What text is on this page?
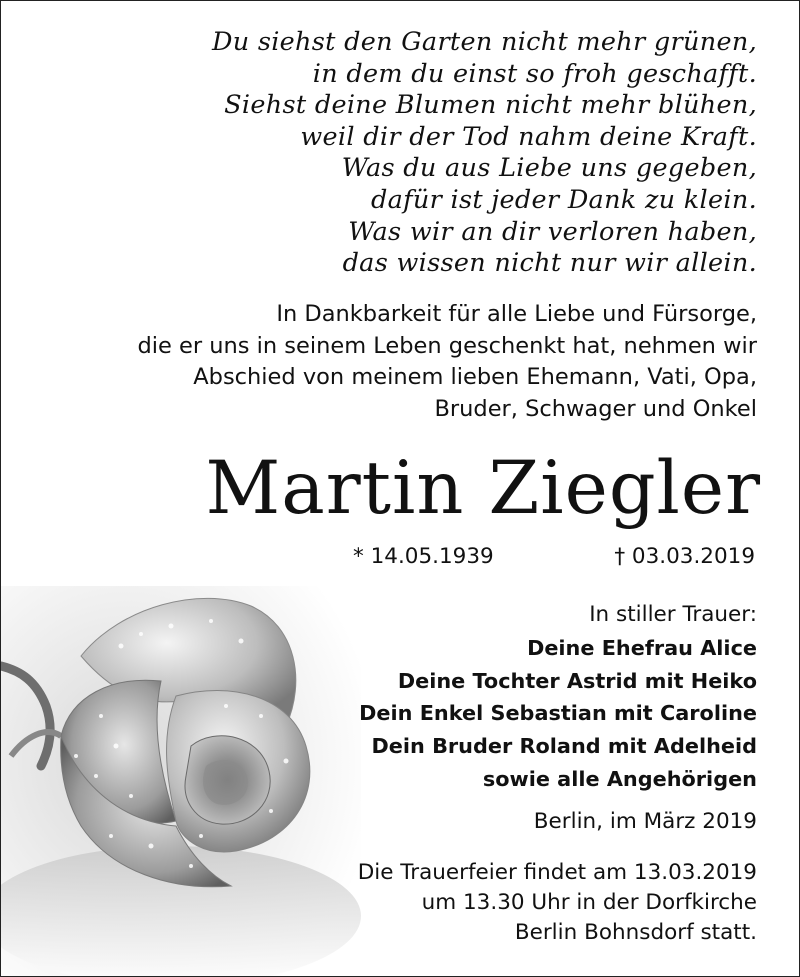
Du siehst den Garten nicht mehr grünen,
in dem du einst so froh geschafft.
Siehst deine Blumen nicht mehr blühen,
weil dir der Tod nahm deine Kraft.
Was du aus Liebe uns gegeben,
dafür ist jeder Dank zu klein.
Was wir an dir verloren haben,
das wissen nicht nur wir allein.
In Dankbarkeit für alle Liebe und Fürsorge,
die er uns in seinem Leben geschenkt hat, nehmen wir
Abschied von meinem lieben Ehemann, Vati, Opa,
Bruder, Schwager und Onkel
Martin Ziegler
* 14.05.1939	† 03.03.2019
In stiller Trauer:
Deine Ehefrau Alice
Deine Tochter Astrid mit Heiko
Dein Enkel Sebastian mit Caroline
Dein Bruder Roland mit Adelheid
sowie alle Angehörigen
Berlin, im März 2019
Die Trauerfeier findet am 13.03.2019
um 13.30 Uhr in der Dorfkirche
Berlin Bohnsdorf statt.
